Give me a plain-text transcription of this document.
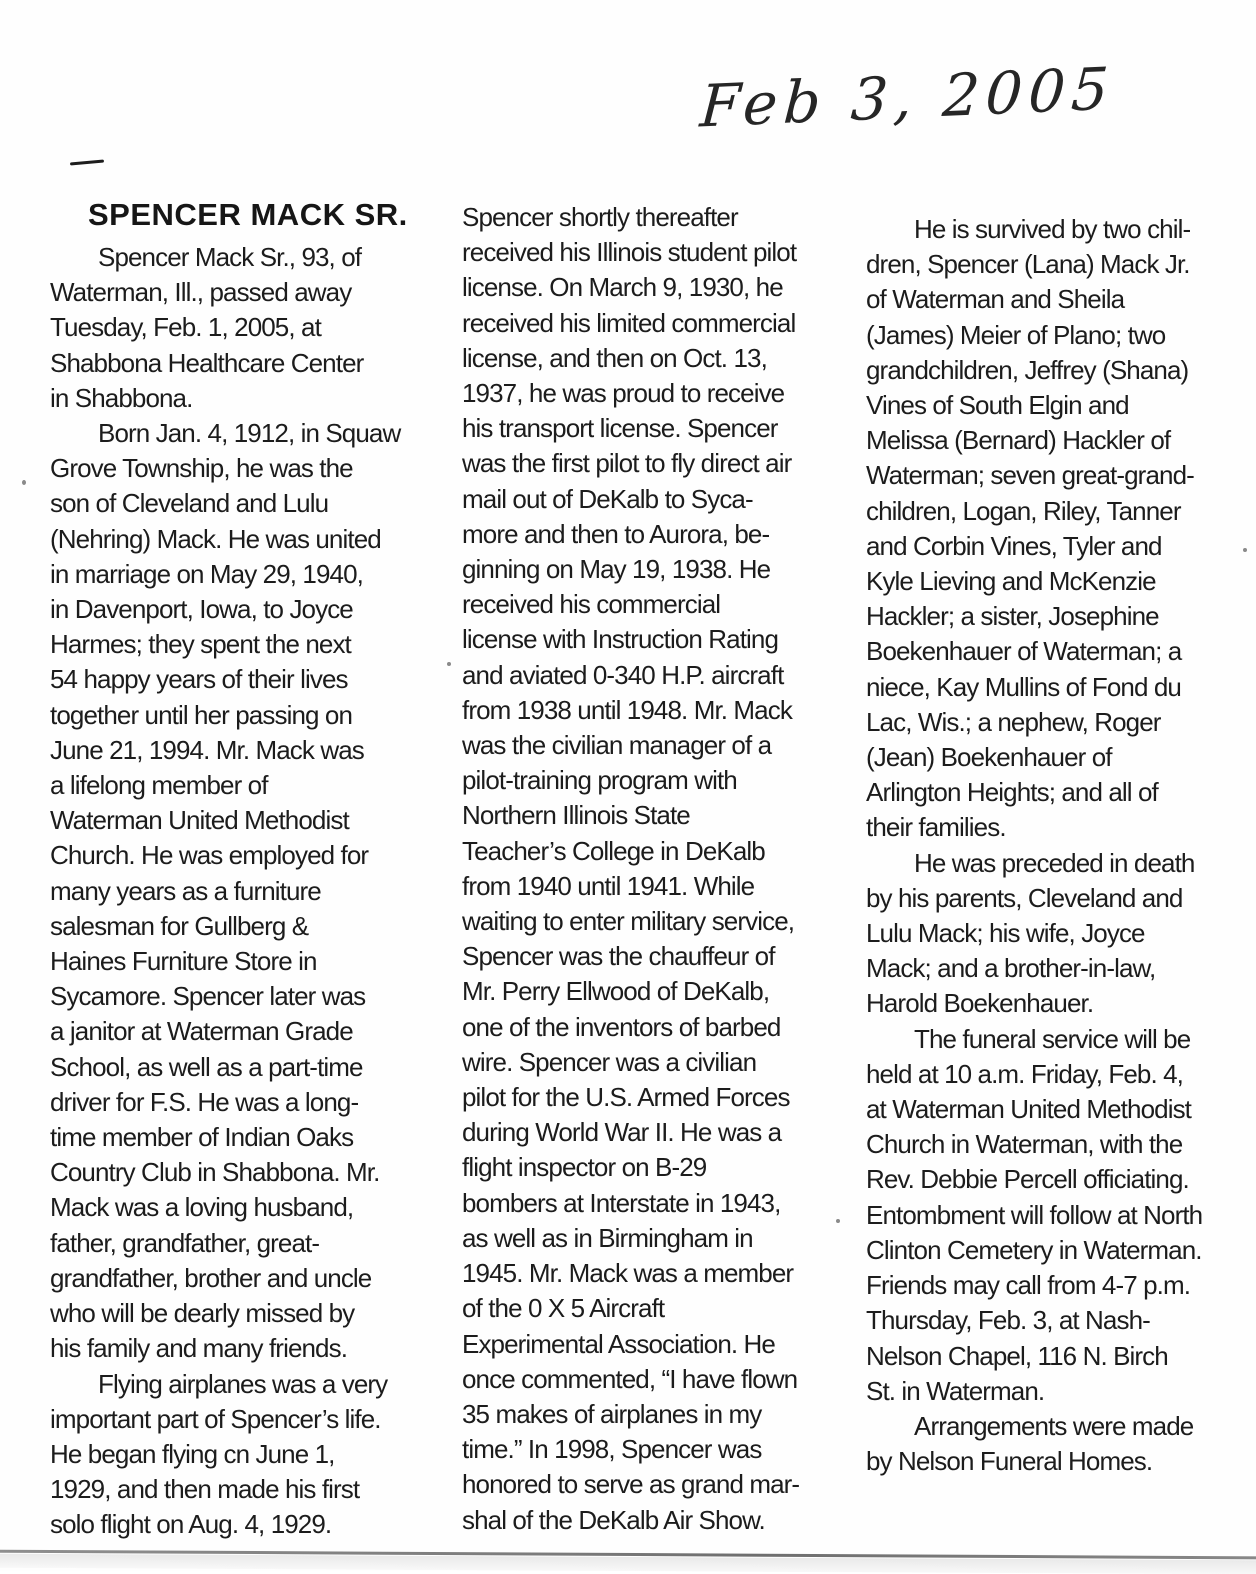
Feb 3, 2005
SPENCER MACK SR.
Spencer Mack Sr., 93, of
Waterman, Ill., passed away
Tuesday, Feb. 1, 2005, at
Shabbona Healthcare Center
in Shabbona.
Born Jan. 4, 1912, in Squaw
Grove Township, he was the
son of Cleveland and Lulu
(Nehring) Mack. He was united
in marriage on May 29, 1940,
in Davenport, Iowa, to Joyce
Harmes; they spent the next
54 happy years of their lives
together until her passing on
June 21, 1994. Mr. Mack was
a lifelong member of
Waterman United Methodist
Church. He was employed for
many years as a furniture
salesman for Gullberg &
Haines Furniture Store in
Sycamore. Spencer later was
a janitor at Waterman Grade
School, as well as a part-time
driver for F.S. He was a long-
time member of Indian Oaks
Country Club in Shabbona. Mr.
Mack was a loving husband,
father, grandfather, great-
grandfather, brother and uncle
who will be dearly missed by
his family and many friends.
Flying airplanes was a very
important part of Spencer’s life.
He began flying cn June 1,
1929, and then made his first
solo flight on Aug. 4, 1929.
Spencer shortly thereafter
received his Illinois student pilot
license. On March 9, 1930, he
received his limited commercial
license, and then on Oct. 13,
1937, he was proud to receive
his transport license. Spencer
was the first pilot to fly direct air
mail out of DeKalb to Syca-
more and then to Aurora, be-
ginning on May 19, 1938. He
received his commercial
license with Instruction Rating
and aviated 0-340 H.P. aircraft
from 1938 until 1948. Mr. Mack
was the civilian manager of a
pilot-training program with
Northern Illinois State
Teacher’s College in DeKalb
from 1940 until 1941. While
waiting to enter military service,
Spencer was the chauffeur of
Mr. Perry Ellwood of DeKalb,
one of the inventors of barbed
wire. Spencer was a civilian
pilot for the U.S. Armed Forces
during World War II. He was a
flight inspector on B-29
bombers at Interstate in 1943,
as well as in Birmingham in
1945. Mr. Mack was a member
of the 0 X 5 Aircraft
Experimental Association. He
once commented, “I have flown
35 makes of airplanes in my
time.” In 1998, Spencer was
honored to serve as grand mar-
shal of the DeKalb Air Show.
He is survived by two chil-
dren, Spencer (Lana) Mack Jr.
of Waterman and Sheila
(James) Meier of Plano; two
grandchildren, Jeffrey (Shana)
Vines of South Elgin and
Melissa (Bernard) Hackler of
Waterman; seven great-grand-
children, Logan, Riley, Tanner
and Corbin Vines, Tyler and
Kyle Lieving and McKenzie
Hackler; a sister, Josephine
Boekenhauer of Waterman; a
niece, Kay Mullins of Fond du
Lac, Wis.; a nephew, Roger
(Jean) Boekenhauer of
Arlington Heights; and all of
their families.
He was preceded in death
by his parents, Cleveland and
Lulu Mack; his wife, Joyce
Mack; and a brother-in-law,
Harold Boekenhauer.
The funeral service will be
held at 10 a.m. Friday, Feb. 4,
at Waterman United Methodist
Church in Waterman, with the
Rev. Debbie Percell officiating.
Entombment will follow at North
Clinton Cemetery in Waterman.
Friends may call from 4-7 p.m.
Thursday, Feb. 3, at Nash-
Nelson Chapel, 116 N. Birch
St. in Waterman.
Arrangements were made
by Nelson Funeral Homes.
